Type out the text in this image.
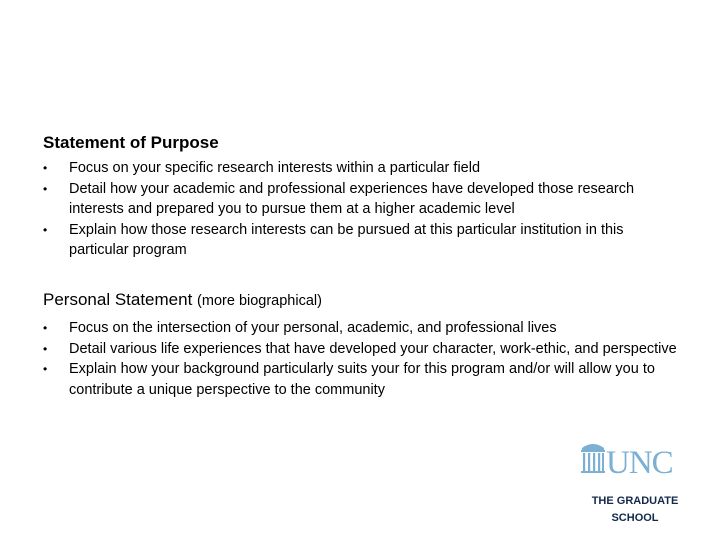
Statement of Purpose
• Focus on your specific research interests within a particular field
• Detail how your academic and professional experiences have developed those research interests and prepared you to pursue them at a higher academic level
• Explain how those research interests can be pursued at this particular institution in this particular program
Personal Statement (more biographical)
• Focus on the intersection of your personal, academic, and professional lives
• Detail various life experiences that have developed your character, work-ethic, and perspective
• Explain how your background particularly suits your for this program and/or will allow you to contribute a unique perspective to the community
UNC
THE GRADUATE
SCHOOL
